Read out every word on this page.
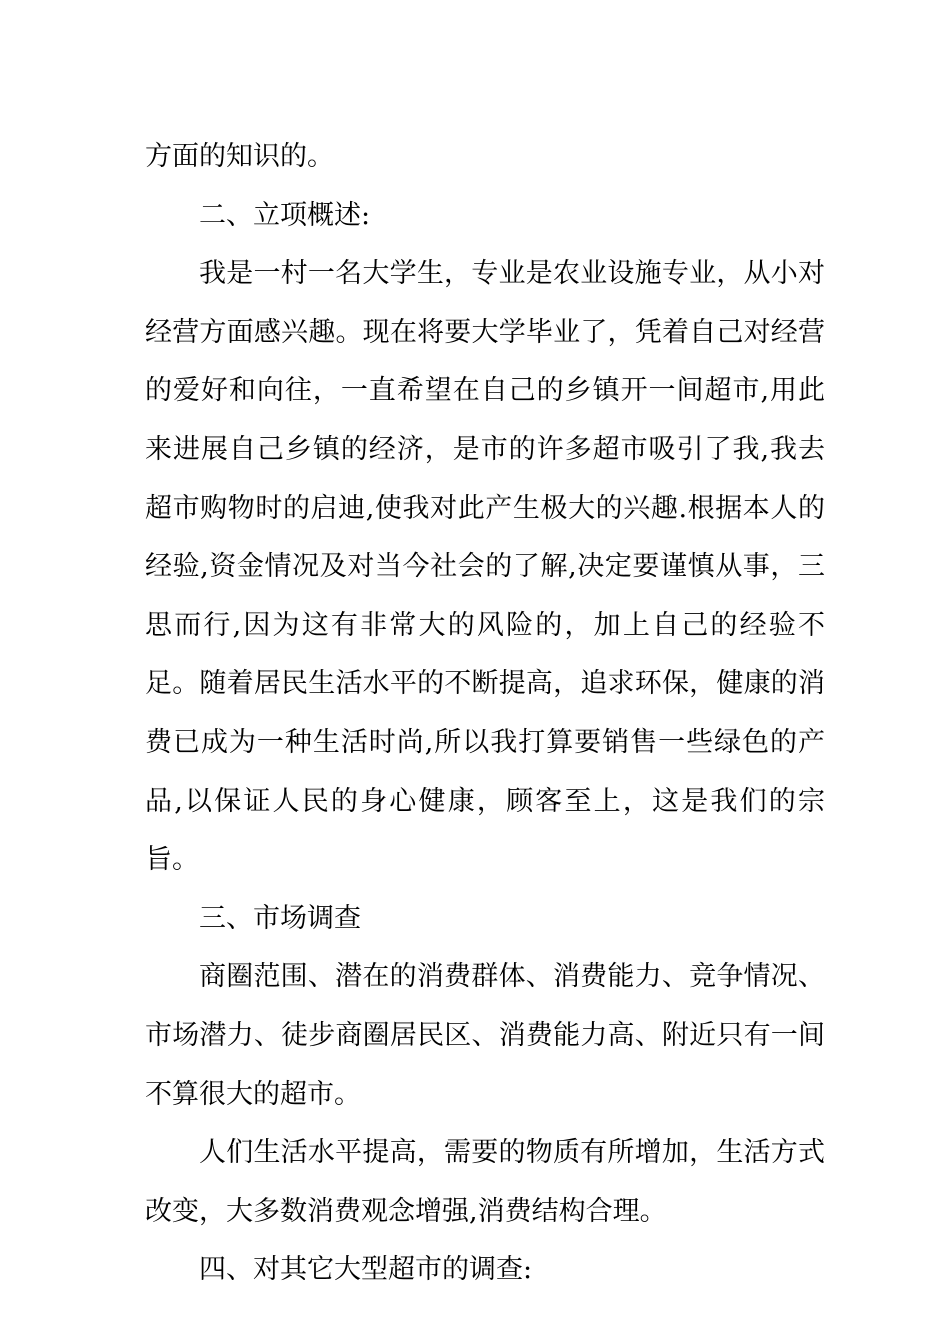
方面的知识的。

二、立项概述:

我是一村一名大学生，专业是农业设施专业，从小对经营方面感兴趣。现在将要大学毕业了，凭着自己对经营的爱好和向往，一直希望在自己的乡镇开一间超市,用此来进展自己乡镇的经济，是市的许多超市吸引了我,我去超市购物时的启迪,使我对此产生极大的兴趣.根据本人的经验,资金情况及对当今社会的了解,决定要谨慎从事，三思而行,因为这有非常大的风险的，加上自己的经验不足。随着居民生活水平的不断提高，追求环保，健康的消费已成为一种生活时尚,所以我打算要销售一些绿色的产品,以保证人民的身心健康，顾客至上，这是我们的宗旨。

三、市场调查

商圈范围、潜在的消费群体、消费能力、竞争情况、市场潜力、徒步商圈居民区、消费能力高、附近只有一间不算很大的超市。

人们生活水平提高，需要的物质有所增加，生活方式改变，大多数消费观念增强,消费结构合理。

四、对其它大型超市的调查:
